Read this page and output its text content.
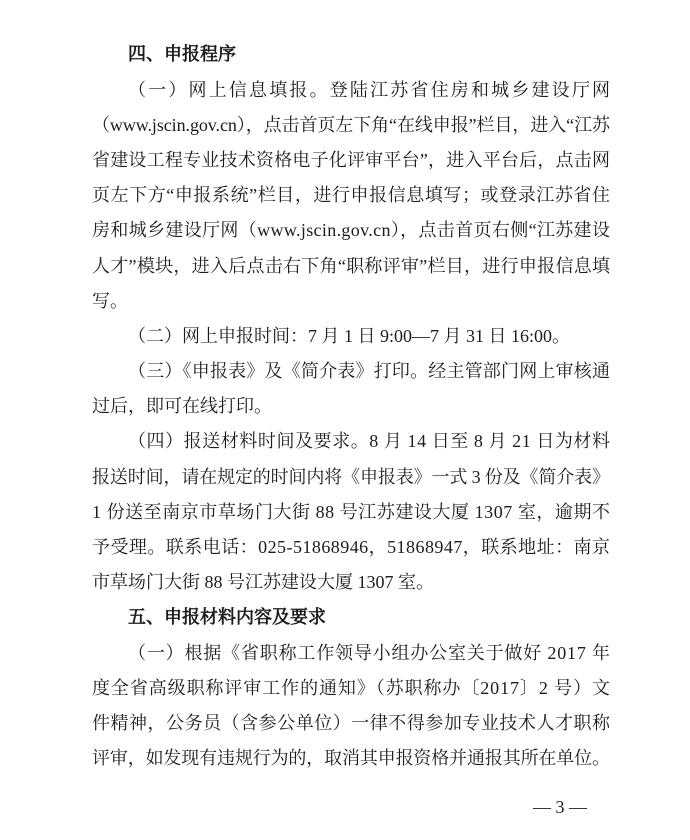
四、申报程序
（一）网上信息填报。登陆江苏省住房和城乡建设厅网
（www.jscin.gov.cn），点击首页左下角“在线申报”栏目，进入“江苏
省建设工程专业技术资格电子化评审平台”，进入平台后，点击网
页左下方“申报系统”栏目，进行申报信息填写；或登录江苏省住
房和城乡建设厅网（www.jscin.gov.cn），点击首页右侧“江苏建设
人才”模块，进入后点击右下角“职称评审”栏目，进行申报信息填
写。
（二）网上申报时间：7 月 1 日 9:00—7 月 31 日 16:00。
（三）《申报表》及《简介表》打印。经主管部门网上审核通
过后，即可在线打印。
（四）报送材料时间及要求。8 月 14 日至 8 月 21 日为材料
报送时间，请在规定的时间内将《申报表》一式 3 份及《简介表》
1 份送至南京市草场门大街 88 号江苏建设大厦 1307 室，逾期不
予受理。联系电话：025-51868946，51868947，联系地址：南京
市草场门大街 88 号江苏建设大厦 1307 室。
五、申报材料内容及要求
（一）根据《省职称工作领导小组办公室关于做好 2017 年
度全省高级职称评审工作的通知》（苏职称办〔2017〕2 号）文
件精神，公务员（含参公单位）一律不得参加专业技术人才职称
评审，如发现有违规行为的，取消其申报资格并通报其所在单位。
— 3 —
